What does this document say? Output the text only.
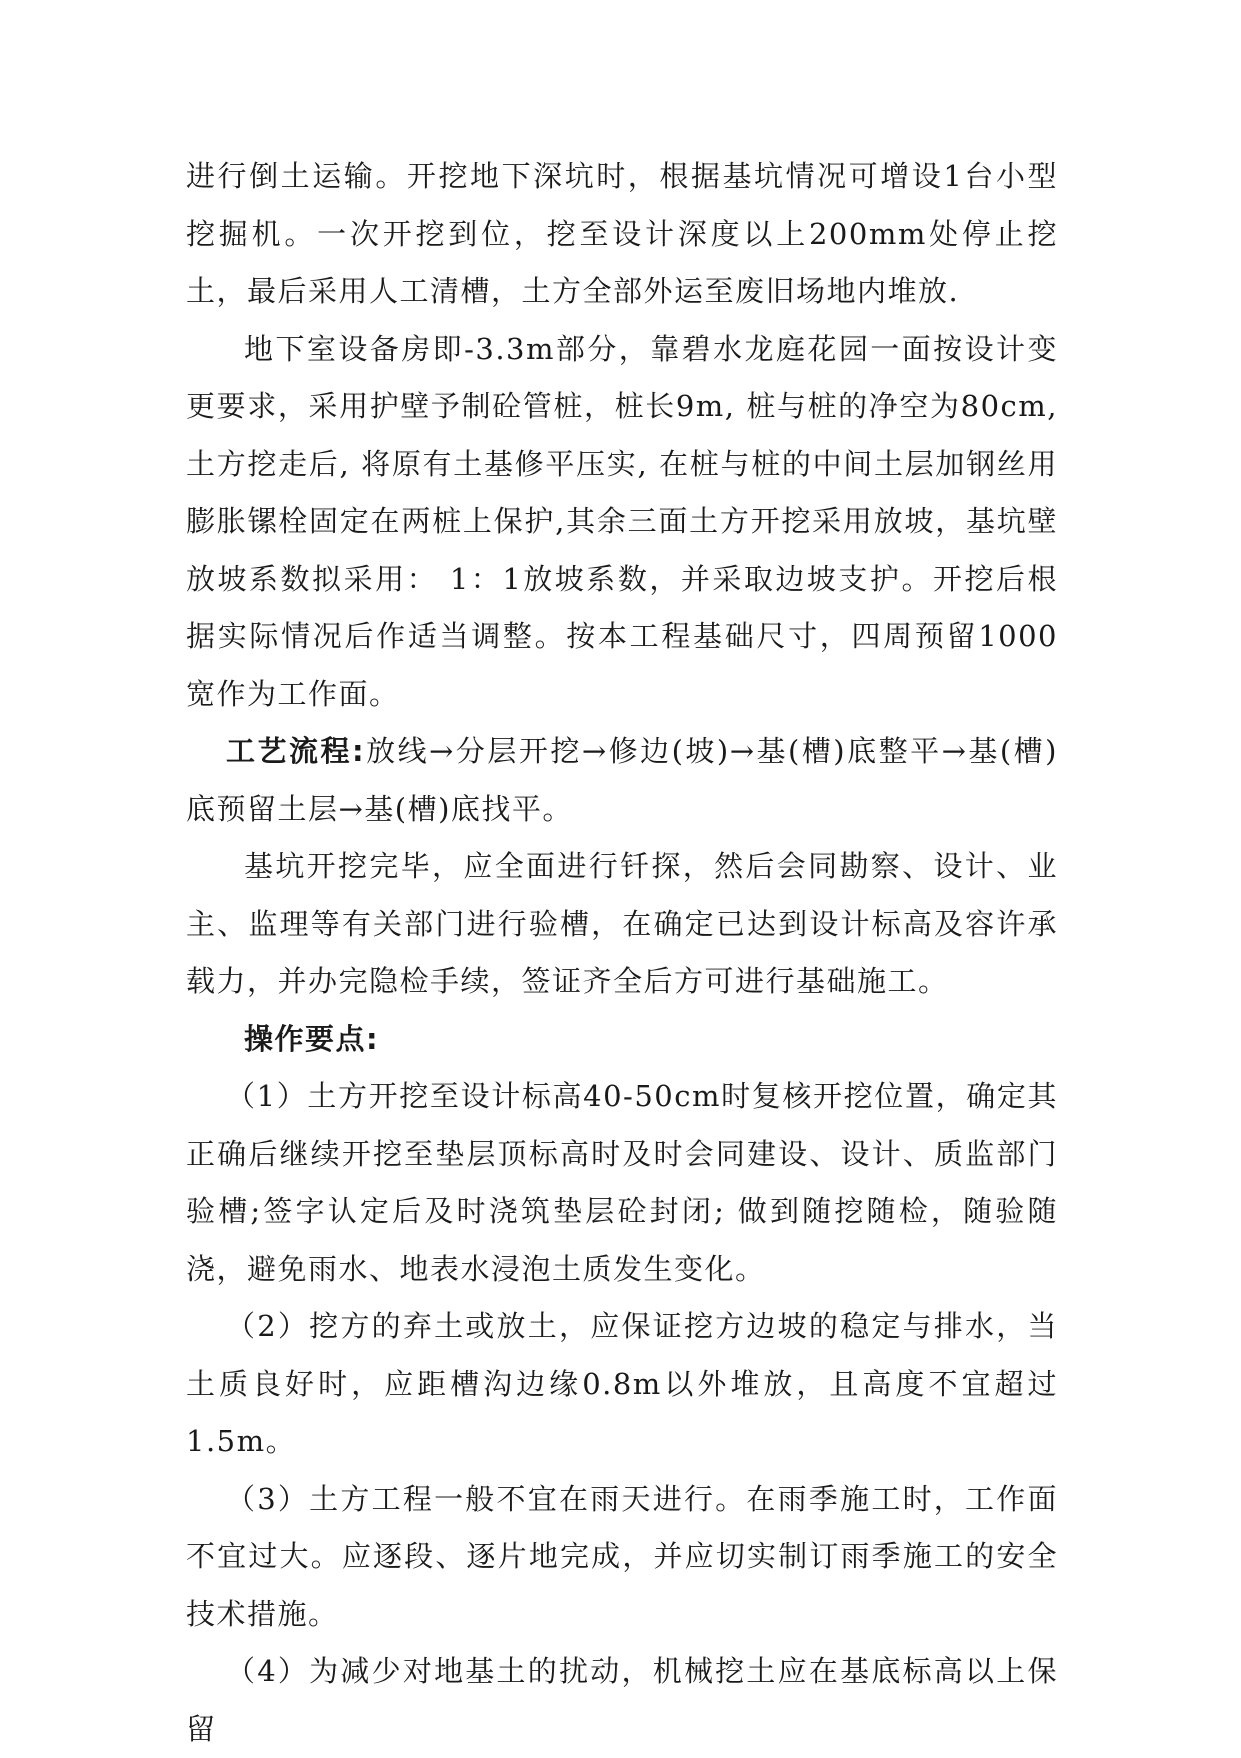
进行倒土运输。开挖地下深坑时，根据基坑情况可增设1台小型挖掘机。一次开挖到位，挖至设计深度以上200mm处停止挖土，最后采用人工清槽，土方全部外运至废旧场地内堆放.

地下室设备房即-3.3m部分，靠碧水龙庭花园一面按设计变更要求，采用护壁予制砼管桩，桩长9m, 桩与桩的净空为80cm, 土方挖走后, 将原有土基修平压实, 在桩与桩的中间土层加钢丝用膨胀镙栓固定在两桩上保护,其余三面土方开挖采用放坡，基坑壁放坡系数拟采用： 1：1放坡系数，并采取边坡支护。开挖后根据实际情况后作适当调整。按本工程基础尺寸，四周预留1000宽作为工作面。

工艺流程:放线→分层开挖→修边(坡)→基(槽)底整平→基(槽)底预留土层→基(槽)底找平。

基坑开挖完毕，应全面进行钎探，然后会同勘察、设计、业主、监理等有关部门进行验槽，在确定已达到设计标高及容许承载力，并办完隐检手续，签证齐全后方可进行基础施工。

操作要点:

（1）土方开挖至设计标高40-50cm时复核开挖位置，确定其正确后继续开挖至垫层顶标高时及时会同建设、设计、质监部门验槽;签字认定后及时浇筑垫层砼封闭; 做到随挖随检，随验随浇，避免雨水、地表水浸泡土质发生变化。

（2）挖方的弃土或放土，应保证挖方边坡的稳定与排水，当土质良好时，应距槽沟边缘0.8m以外堆放，且高度不宜超过1.5m。

（3）土方工程一般不宜在雨天进行。在雨季施工时，工作面不宜过大。应逐段、逐片地完成，并应切实制订雨季施工的安全技术措施。

（4）为减少对地基土的扰动，机械挖土应在基底标高以上保留
